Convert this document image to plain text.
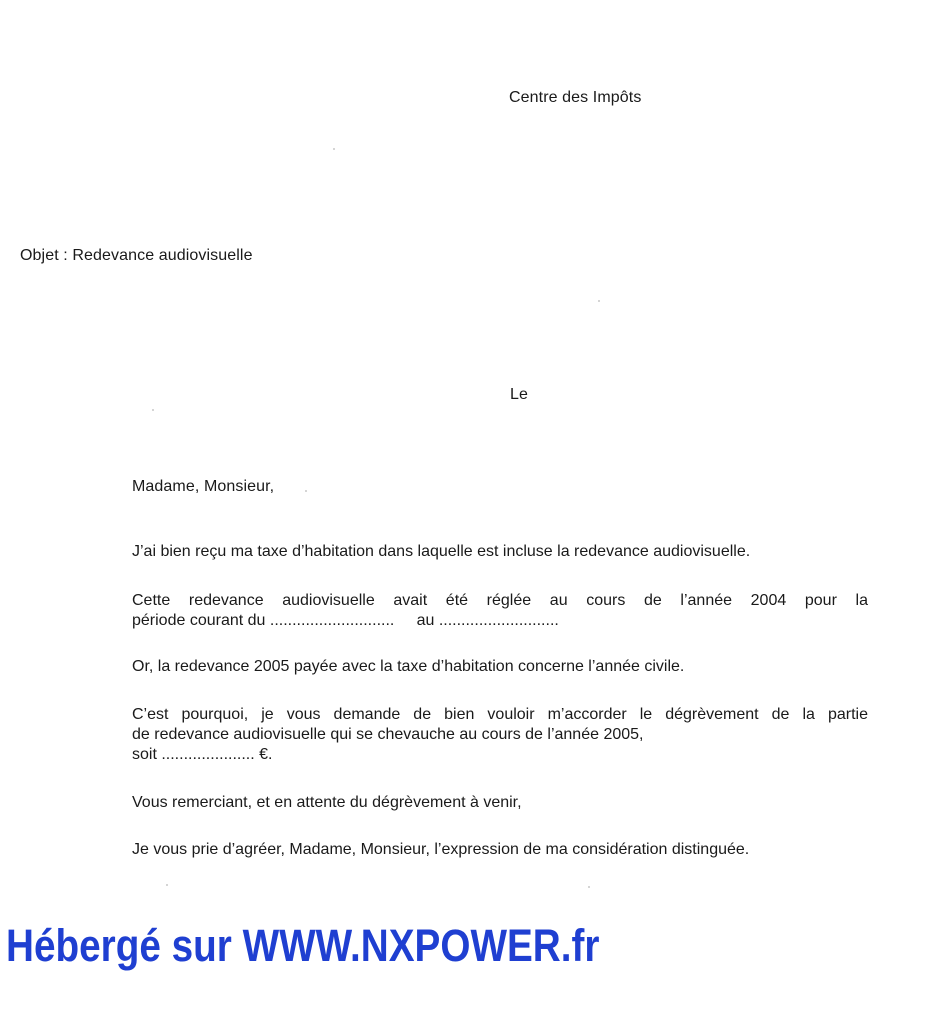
Centre des Impôts
Objet : Redevance audiovisuelle
Le
Madame, Monsieur,
J’ai bien reçu ma taxe d’habitation dans laquelle est incluse la redevance audiovisuelle.
Cette redevance audiovisuelle avait été réglée au cours de l’année 2004 pour la
période courant du ............................     au ...........................
Or, la redevance 2005 payée avec la taxe d’habitation concerne l’année civile.
C’est pourquoi, je vous demande de bien vouloir m’accorder le dégrèvement de la partie
de redevance audiovisuelle qui se chevauche au cours de l’année 2005,
soit ..................... €.
Vous remerciant, et en attente du dégrèvement à venir,
Je vous prie d’agréer, Madame, Monsieur, l’expression de ma considération distinguée.
Hébergé sur WWW.NXPOWER.fr
